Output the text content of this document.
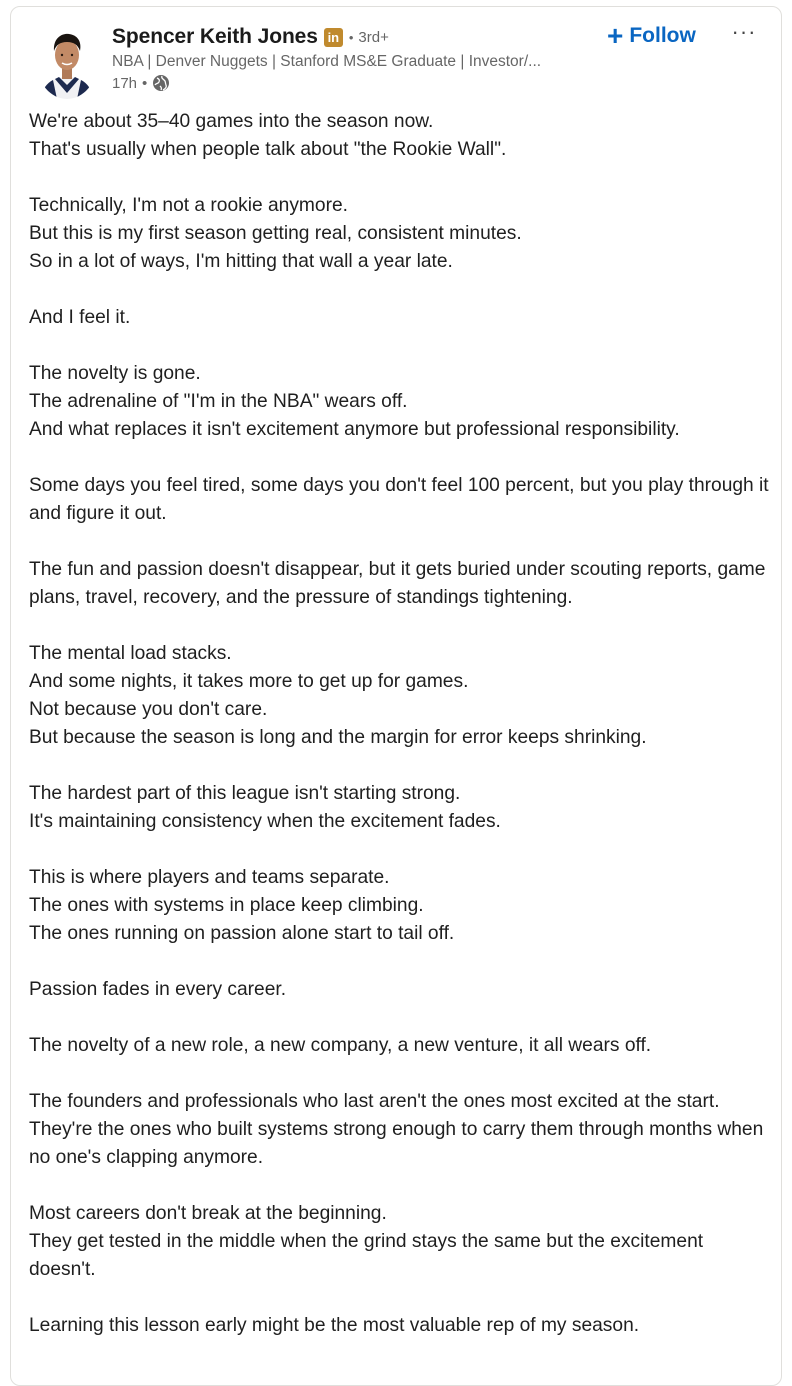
Spencer Keith Jones in • 3rd+
NBA | Denver Nuggets | Stanford MS&E Graduate | Investor/...
17h •
+ Follow ···

We're about 35–40 games into the season now.
That's usually when people talk about "the Rookie Wall".

Technically, I'm not a rookie anymore.
But this is my first season getting real, consistent minutes.
So in a lot of ways, I'm hitting that wall a year late.

And I feel it.

The novelty is gone.
The adrenaline of "I'm in the NBA" wears off.
And what replaces it isn't excitement anymore but professional responsibility.

Some days you feel tired, some days you don't feel 100 percent, but you play through it and figure it out.

The fun and passion doesn't disappear, but it gets buried under scouting reports, game plans, travel, recovery, and the pressure of standings tightening.

The mental load stacks.
And some nights, it takes more to get up for games.
Not because you don't care.
But because the season is long and the margin for error keeps shrinking.

The hardest part of this league isn't starting strong.
It's maintaining consistency when the excitement fades.

This is where players and teams separate.
The ones with systems in place keep climbing.
The ones running on passion alone start to tail off.

Passion fades in every career.

The novelty of a new role, a new company, a new venture, it all wears off.

The founders and professionals who last aren't the ones most excited at the start.
They're the ones who built systems strong enough to carry them through months when no one's clapping anymore.

Most careers don't break at the beginning.
They get tested in the middle when the grind stays the same but the excitement doesn't.

Learning this lesson early might be the most valuable rep of my season.
